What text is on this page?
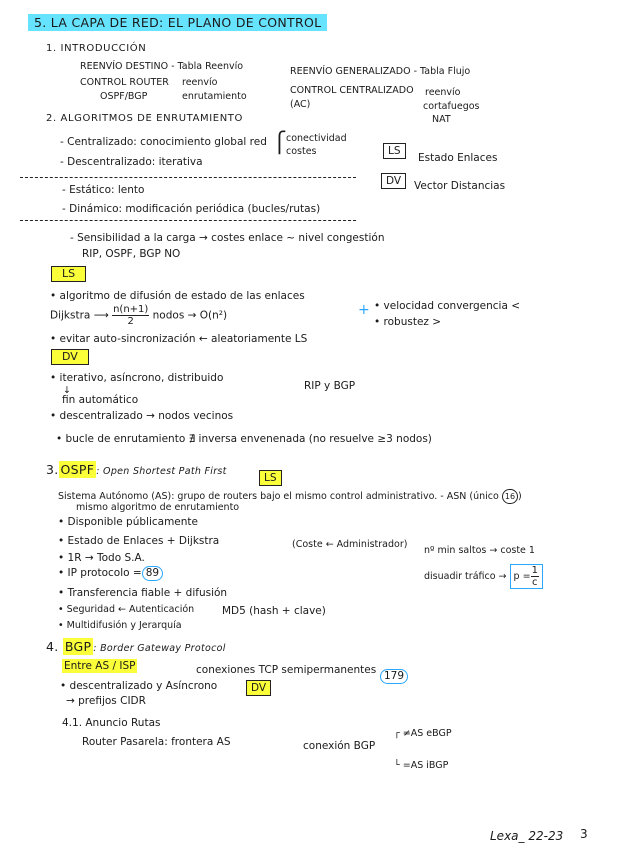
5. LA CAPA DE RED: EL PLANO DE CONTROL
1. INTRODUCCIÓN
REENVÍO DESTINO - Tabla Reenvío	REENVÍO GENERALIZADO - Tabla Flujo
CONTROL ROUTER reenvío
OSPF/BGP	enrutamiento
CONTROL CENTRALIZADO
(AC)
reenvío
cortafuegos
NAT
2. ALGORITMOS DE ENRUTAMIENTO
- Centralizado: conocimiento global red ⎧ conectividad
costes	LS
Estado Enlaces
- Descentralizado: iterativa
DV	Vector Distancias
- Estático: lento
- Dinámico: modificación periódica (bucles/rutas)
- Sensibilidad a la carga → costes enlace ~ nivel congestión
RIP, OSPF, BGP NO
LS
• algoritmo de difusión de estado de las enlaces
Dijkstra ⟶ $\frac{n(n+1)}{2}$ nodos → O(n²)
• evitar auto-sincronización ← aleatoriamente LS
+ • velocidad convergencia <
• robustez >
DV
• iterativo, asíncrono, distribuido
↓
fin automático
RIP y BGP
• descentralizado → nodos vecinos
• bucle de enrutamiento ∄ inversa envenenada (no resuelve ≥3 nodos)
3. OSPF : Open Shortest Path First
LS
Sistema Autónomo (AS): grupo de routers bajo el mismo control administrativo. - ASN (único 16 )
mismo algoritmo de enrutamiento
• Disponible públicamente
• Estado de Enlaces + Dijkstra	(Coste ← Administrador)
nº min saltos → coste 1
• 1R → Todo S.A.
• IP protocolo = 89	disuadir tráfico → $p = \frac{1}{c}$
• Transferencia fiable + difusión
• Seguridad ← Autenticación	MD5 (hash + clave)
• Multidifusión y Jerarquía
4. BGP : Border Gateway Protocol
Entre AS / ISP	conexiones TCP semipermanentes 179
• descentralizado y Asíncrono	DV
→ prefijos CIDR
4.1. Anuncio Rutas
Router Pasarela: frontera AS	conexión BGP
┌ ≠AS eBGP
└ =AS iBGP
Lexa_ 22-23 3
